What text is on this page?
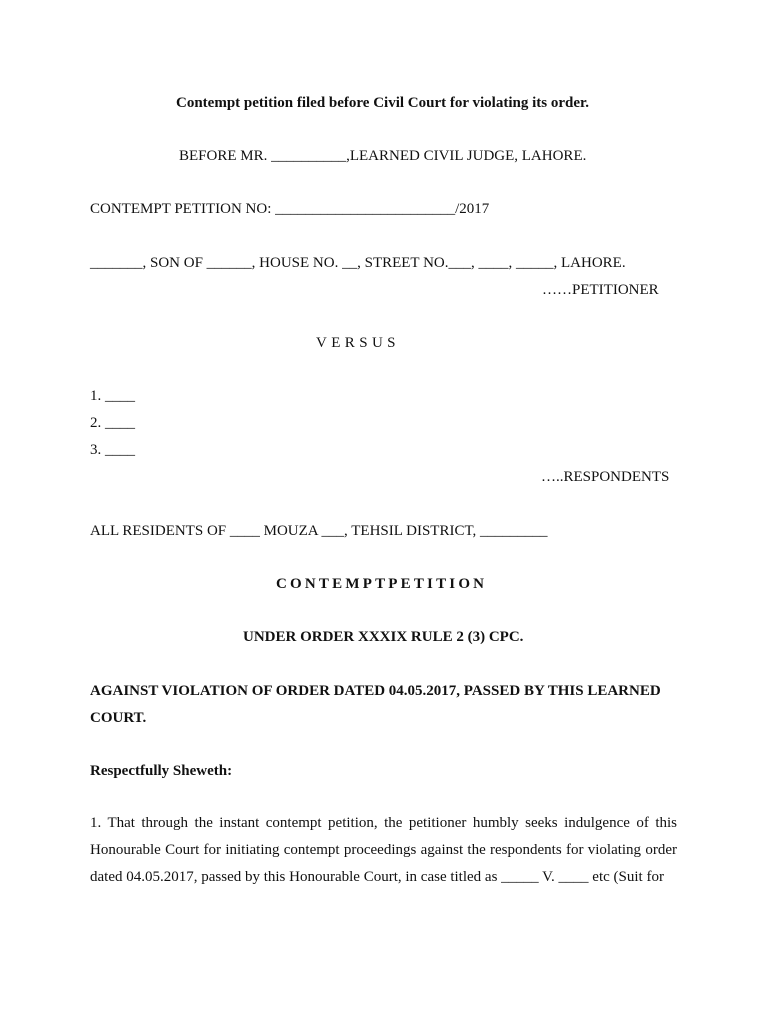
Contempt petition filed before Civil Court for violating its order.
BEFORE MR. __________,LEARNED CIVIL JUDGE, LAHORE.
CONTEMPT PETITION NO: ________________________/2017
_______, SON OF ______, HOUSE NO. __, STREET NO.___, ____, _____, LAHORE.
……PETITIONER
VERSUS
1. ____
2. ____
3. ____
…..RESPONDENTS
ALL RESIDENTS OF ____ MOUZA ___, TEHSIL DISTRICT, _________
CONTEMPTPETITION
UNDER ORDER XXXIX RULE 2 (3) CPC.
AGAINST VIOLATION OF ORDER DATED 04.05.2017, PASSED BY THIS LEARNED
COURT.
Respectfully Sheweth:
1. That through the instant contempt petition, the petitioner humbly seeks indulgence of this Honourable Court for initiating contempt proceedings against the respondents for violating order dated 04.05.2017, passed by this Honourable Court, in case titled as _____ V. ____ etc (Suit for
